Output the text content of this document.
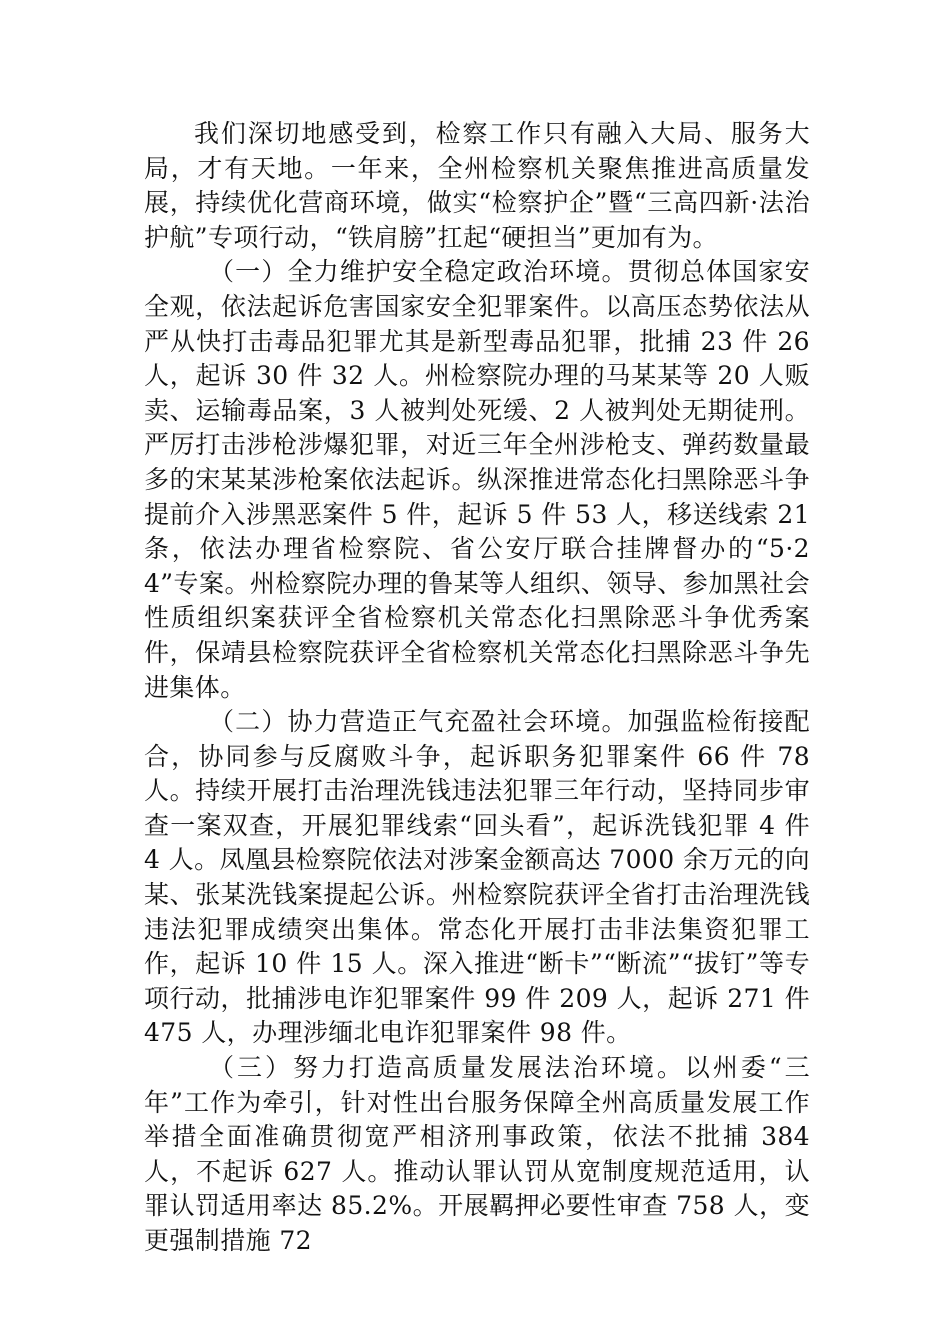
我们深切地感受到，检察工作只有融入大局、服务大局，才有天地。一年来，全州检察机关聚焦推进高质量发展，持续优化营商环境，做实“检察护企”暨“三高四新·法治护航”专项行动，“铁肩膀”扛起“硬担当”更加有为。

（一）全力维护安全稳定政治环境。贯彻总体国家安全观，依法起诉危害国家安全犯罪案件。以高压态势依法从严从快打击毒品犯罪尤其是新型毒品犯罪，批捕 23 件 26 人，起诉 30 件 32 人。州检察院办理的马某某等 20 人贩卖、运输毒品案，3 人被判处死缓、2 人被判处无期徒刑。严厉打击涉枪涉爆犯罪，对近三年全州涉枪支、弹药数量最多的宋某某涉枪案依法起诉。纵深推进常态化扫黑除恶斗争提前介入涉黑恶案件 5 件，起诉 5 件 53 人，移送线索 21 条，依法办理省检察院、省公安厅联合挂牌督办的“5·24”专案。州检察院办理的鲁某等人组织、领导、参加黑社会性质组织案获评全省检察机关常态化扫黑除恶斗争优秀案件，保靖县检察院获评全省检察机关常态化扫黑除恶斗争先进集体。

（二）协力营造正气充盈社会环境。加强监检衔接配合，协同参与反腐败斗争，起诉职务犯罪案件 66 件 78 人。持续开展打击治理洗钱违法犯罪三年行动，坚持同步审查一案双查，开展犯罪线索“回头看”，起诉洗钱犯罪 4 件 4 人。凤凰县检察院依法对涉案金额高达 7000 余万元的向某、张某洗钱案提起公诉。州检察院获评全省打击治理洗钱违法犯罪成绩突出集体。常态化开展打击非法集资犯罪工作，起诉 10 件 15 人。深入推进“断卡”“断流”“拔钉”等专项行动，批捕涉电诈犯罪案件 99 件 209 人，起诉 271 件 475 人，办理涉缅北电诈犯罪案件 98 件。

（三）努力打造高质量发展法治环境。以州委“三年”工作为牵引，针对性出台服务保障全州高质量发展工作举措全面准确贯彻宽严相济刑事政策，依法不批捕 384 人，不起诉 627 人。推动认罪认罚从宽制度规范适用，认罪认罚适用率达 85.2%。开展羁押必要性审查 758 人，变更强制措施 72
